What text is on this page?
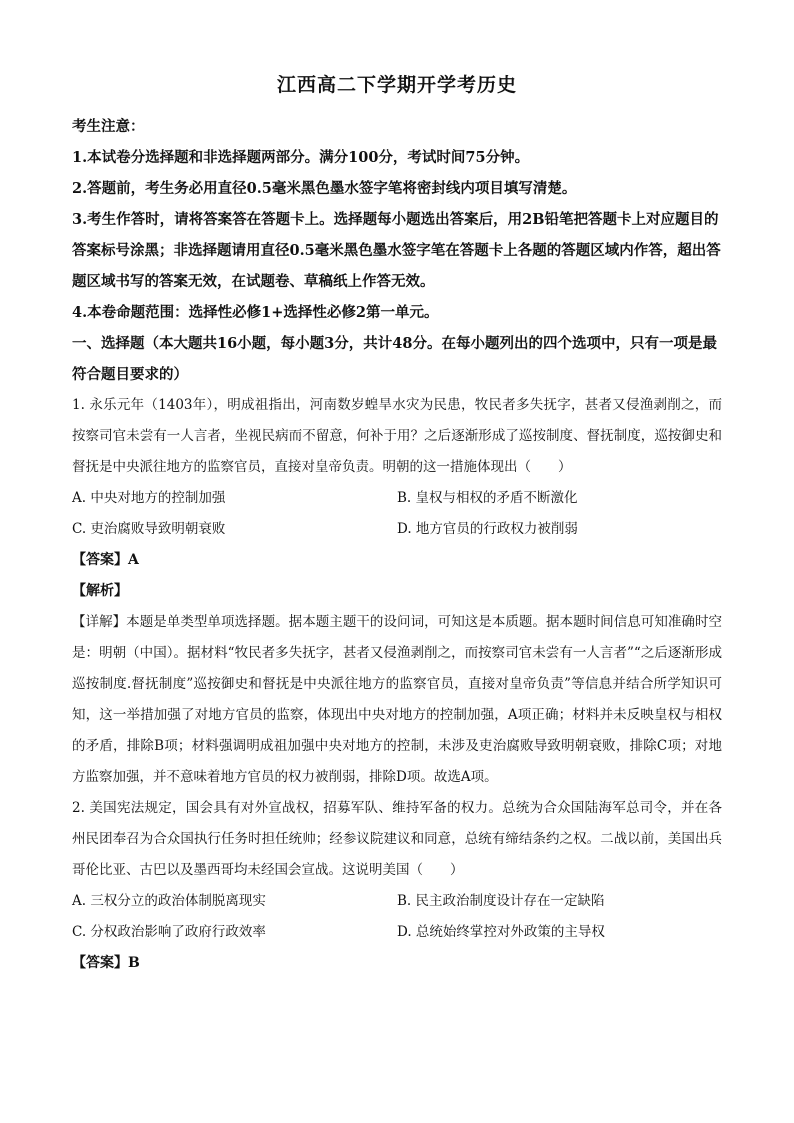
江西高二下学期开学考历史
考生注意：
1.本试卷分选择题和非选择题两部分。满分100分，考试时间75分钟。
2.答题前，考生务必用直径0.5毫米黑色墨水签字笔将密封线内项目填写清楚。
3.考生作答时，请将答案答在答题卡上。选择题每小题选出答案后，用2B铅笔把答题卡上对应题目的答案标号涂黑；非选择题请用直径0.5毫米黑色墨水签字笔在答题卡上各题的答题区域内作答，超出答题区域书写的答案无效，在试题卷、草稿纸上作答无效。
4.本卷命题范围：选择性必修1+选择性必修2第一单元。
一、选择题（本大题共16小题，每小题3分，共计48分。在每小题列出的四个选项中，只有一项是最符合题目要求的）
1. 永乐元年（1403年），明成祖指出，河南数岁蝗旱水灾为民患，牧民者多失抚字，甚者又侵渔剥削之，而按察司官未尝有一人言者，坐视民病而不留意，何补于用？之后逐渐形成了巡按制度、督抚制度，巡按御史和督抚是中央派往地方的监察官员，直接对皇帝负责。明朝的这一措施体现出（　　）
A. 中央对地方的控制加强	B. 皇权与相权的矛盾不断激化
C. 吏治腐败导致明朝衰败	D. 地方官员的行政权力被削弱
【答案】A
【解析】
【详解】本题是单类型单项选择题。据本题主题干的设问词，可知这是本质题。据本题时间信息可知准确时空是：明朝（中国）。据材料“牧民者多失抚字，甚者又侵渔剥削之，而按察司官未尝有一人言者”“之后逐渐形成巡按制度.督抚制度”巡按御史和督抚是中央派往地方的监察官员，直接对皇帝负责”等信息并结合所学知识可知，这一举措加强了对地方官员的监察，体现出中央对地方的控制加强，A项正确；材料并未反映皇权与相权的矛盾，排除B项；材料强调明成祖加强中央对地方的控制，未涉及吏治腐败导致明朝衰败，排除C项；对地方监察加强，并不意味着地方官员的权力被削弱，排除D项。故选A项。
2. 美国宪法规定，国会具有对外宣战权，招募军队、维持军备的权力。总统为合众国陆海军总司令，并在各州民团奉召为合众国执行任务时担任统帅；经参议院建议和同意，总统有缔结条约之权。二战以前，美国出兵哥伦比亚、古巴以及墨西哥均未经国会宣战。这说明美国（　　）
A. 三权分立的政治体制脱离现实	B. 民主政治制度设计存在一定缺陷
C. 分权政治影响了政府行政效率	D. 总统始终掌控对外政策的主导权
【答案】B
